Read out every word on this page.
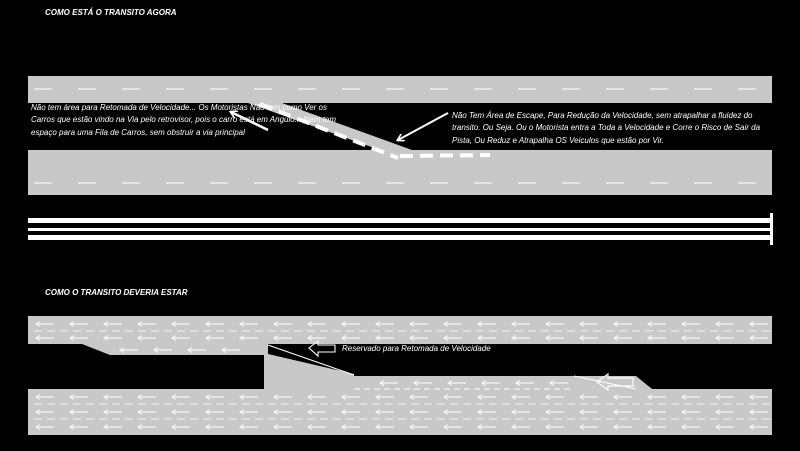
COMO ESTÁ O TRANSITO AGORA

Não tem área para Retomada de Velocidade... Os Motoristas Não tem como Ver os Carros que estão vindo na Via pelo retrovisor, pois o carro está em Angulo... Nem tem espaço para uma Fila de Carros, sem obstruir a via principal

Não Tem Área de Escape, Para Redução da Velocidade, sem atrapalhar a fluidez do transito. Ou Seja. Ou o Motorista entra a Toda a Velocidade e Corre o Risco de Sair da Pista, Ou Reduz e Atrapalha OS Veiculos que estão por Vir.

COMO O TRANSITO DEVERIA ESTAR
Reservado para Retomada de Velocidade
